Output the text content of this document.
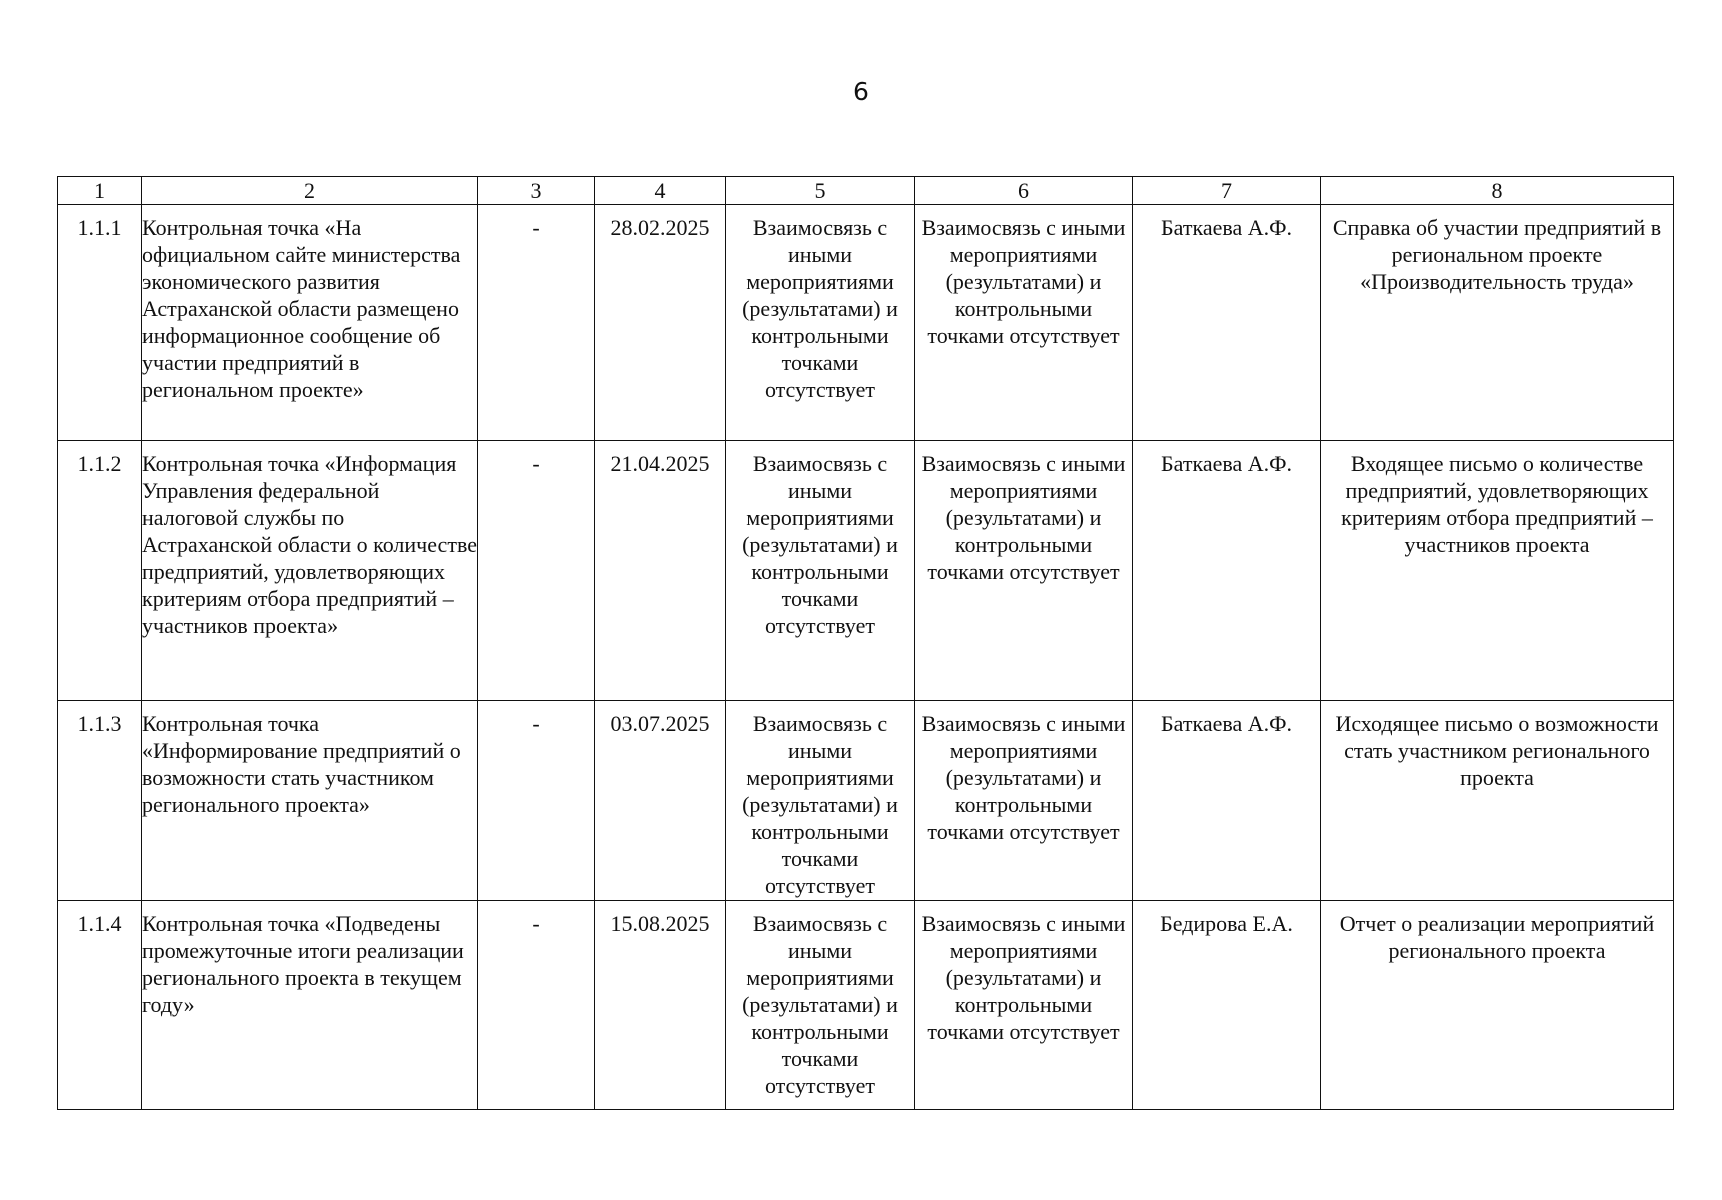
6
1	2	3	4	5	6	7	8
1.1.1	Контрольная точка «На официальном сайте министерства экономического развития Астраханской области размещено информационное сообщение об участии предприятий в региональном проекте»	-	28.02.2025	Взаимосвязь с иными мероприятиями (результатами) и контрольными точками отсутствует	Взаимосвязь с иными мероприятиями (результатами) и контрольными точками отсутствует	Баткаева А.Ф.	Справка об участии предприятий в региональном проекте «Производительность труда»
1.1.2	Контрольная точка «Информация Управления федеральной налоговой службы по Астраханской области о количестве предприятий, удовлетворяющих критериям отбора предприятий – участников проекта»	-	21.04.2025	Взаимосвязь с иными мероприятиями (результатами) и контрольными точками отсутствует	Взаимосвязь с иными мероприятиями (результатами) и контрольными точками отсутствует	Баткаева А.Ф.	Входящее письмо о количестве предприятий, удовлетворяющих критериям отбора предприятий – участников проекта
1.1.3	Контрольная точка «Информирование предприятий о возможности стать участником регионального проекта»	-	03.07.2025	Взаимосвязь с иными мероприятиями (результатами) и контрольными точками отсутствует	Взаимосвязь с иными мероприятиями (результатами) и контрольными точками отсутствует	Баткаева А.Ф.	Исходящее письмо о возможности стать участником регионального проекта
1.1.4	Контрольная точка «Подведены промежуточные итоги реализации регионального проекта в текущем году»	-	15.08.2025	Взаимосвязь с иными мероприятиями (результатами) и контрольными точками отсутствует	Взаимосвязь с иными мероприятиями (результатами) и контрольными точками отсутствует	Бедирова Е.А.	Отчет о реализации мероприятий регионального проекта
